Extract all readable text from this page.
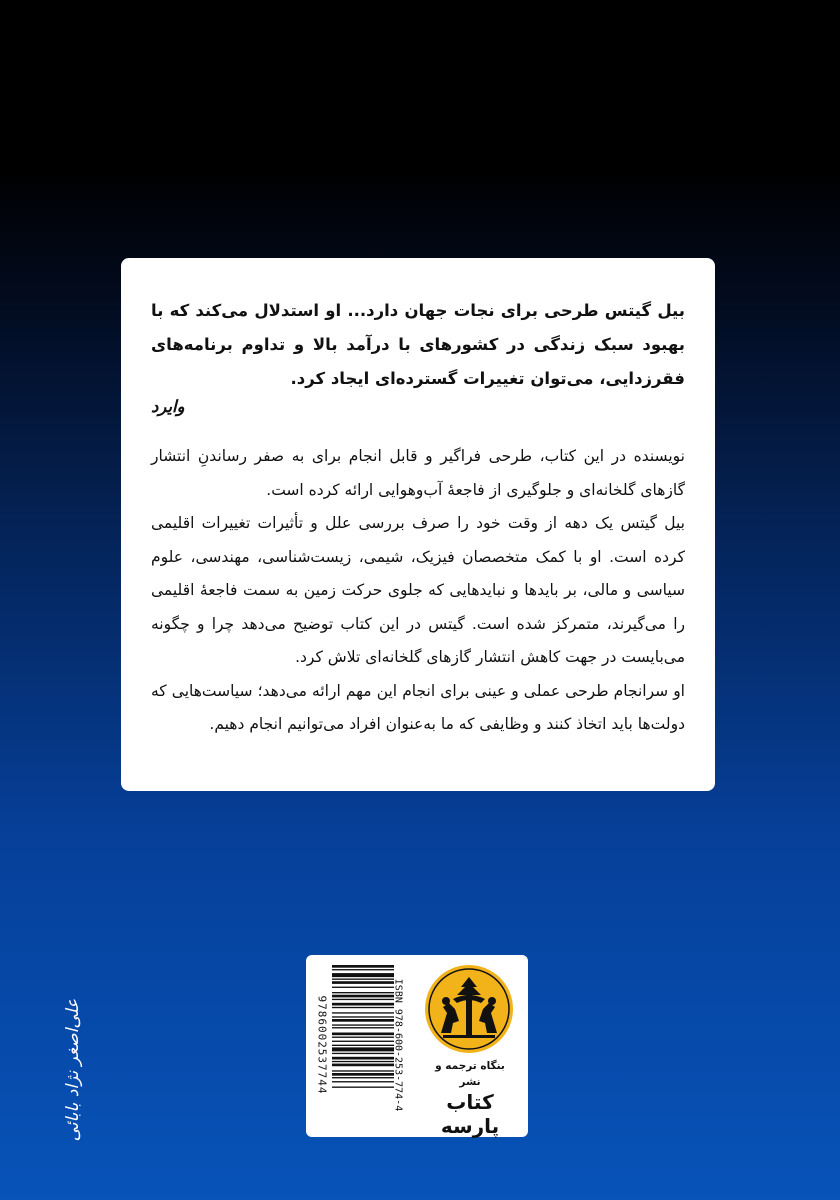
بیل گیتس طرحی برای نجات جهان دارد... او استدلال می‌کند که با بهبود سبک زندگی در کشورهای با درآمد بالا و تداوم برنامه‌های فقرزدایی، می‌توان تغییرات گسترده‌ای ایجاد کرد.

وایرد

نویسنده در این کتاب، طرحی فراگیر و قابل انجام برای به صفر رساندنِ انتشار گازهای گلخانه‌ای و جلوگیری از فاجعهٔ آب‌وهوایی ارائه کرده است.

بیل گیتس یک دهه از وقت خود را صرف بررسی علل و تأثیرات تغییرات اقلیمی کرده است. او با کمک متخصصان فیزیک، شیمی، زیست‌شناسی، مهندسی، علوم سیاسی و مالی، بر بایدها و نبایدهایی که جلوی حرکت زمین به سمت فاجعهٔ اقلیمی را می‌گیرند، متمرکز شده است. گیتس در این کتاب توضیح می‌دهد چرا و چگونه می‌بایست در جهت کاهش انتشار گازهای گلخانه‌ای تلاش کرد.

او سرانجام طرحی عملی و عینی برای انجام این مهم ارائه می‌دهد؛ سیاست‌هایی که دولت‌ها باید اتخاذ کنند و وظایفی که ما به‌عنوان افراد می‌توانیم انجام دهیم.

علی‌اصغر نژاد بابائی	بنگاه ترجمه و نشر
کتاب پارسه
ISBN 978-600-253-774-4
9786002537744
